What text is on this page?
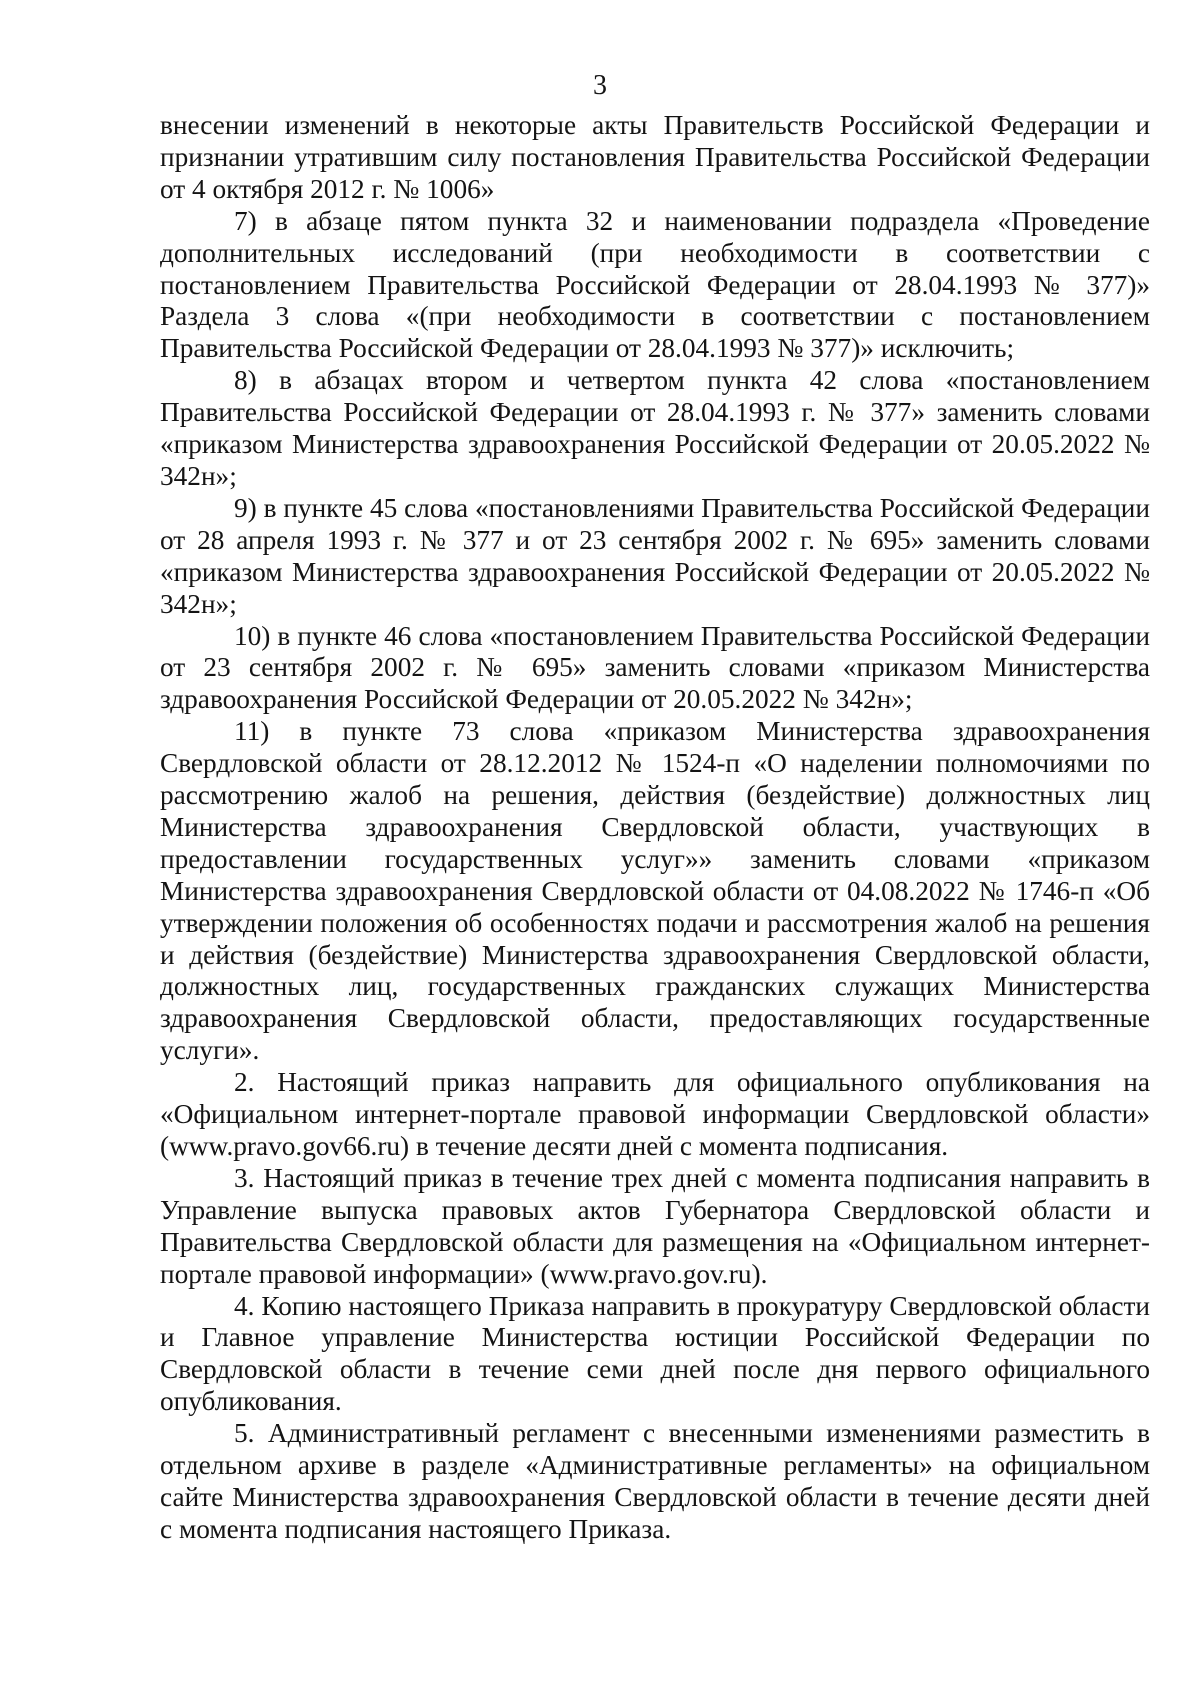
3

внесении изменений в некоторые акты Правительств Российской Федерации и признании утратившим силу постановления Правительства Российской Федерации от 4 октября 2012 г. № 1006»

7) в абзаце пятом пункта 32 и наименовании подраздела «Проведение дополнительных исследований (при необходимости в соответствии с постановлением Правительства Российской Федерации от 28.04.1993 № 377)» Раздела 3 слова «(при необходимости в соответствии с постановлением Правительства Российской Федерации от 28.04.1993 № 377)» исключить;

8) в абзацах втором и четвертом пункта 42 слова «постановлением Правительства Российской Федерации от 28.04.1993 г. № 377» заменить словами «приказом Министерства здравоохранения Российской Федерации от 20.05.2022 № 342н»;

9) в пункте 45 слова «постановлениями Правительства Российской Федерации от 28 апреля 1993 г. № 377 и от 23 сентября 2002 г. № 695» заменить словами «приказом Министерства здравоохранения Российской Федерации от 20.05.2022 № 342н»;

10) в пункте 46 слова «постановлением Правительства Российской Федерации от 23 сентября 2002 г. № 695» заменить словами «приказом Министерства здравоохранения Российской Федерации от 20.05.2022 № 342н»;

11) в пункте 73 слова «приказом Министерства здравоохранения Свердловской области от 28.12.2012 № 1524-п «О наделении полномочиями по рассмотрению жалоб на решения, действия (бездействие) должностных лиц Министерства здравоохранения Свердловской области, участвующих в предоставлении государственных услуг»» заменить словами «приказом Министерства здравоохранения Свердловской области от 04.08.2022 № 1746-п «Об утверждении положения об особенностях подачи и рассмотрения жалоб на решения и действия (бездействие) Министерства здравоохранения Свердловской области, должностных лиц, государственных гражданских служащих Министерства здравоохранения Свердловской области, предоставляющих государственные услуги».

2. Настоящий приказ направить для официального опубликования на «Официальном интернет-портале правовой информации Свердловской области» (www.pravo.gov66.ru) в течение десяти дней с момента подписания.

3. Настоящий приказ в течение трех дней с момента подписания направить в Управление выпуска правовых актов Губернатора Свердловской области и Правительства Свердловской области для размещения на «Официальном интернет-портале правовой информации» (www.pravo.gov.ru).

4. Копию настоящего Приказа направить в прокуратуру Свердловской области и Главное управление Министерства юстиции Российской Федерации по Свердловской области в течение семи дней после дня первого официального опубликования.

5. Административный регламент с внесенными изменениями разместить в отдельном архиве в разделе «Административные регламенты» на официальном сайте Министерства здравоохранения Свердловской области в течение десяти дней с момента подписания настоящего Приказа.
